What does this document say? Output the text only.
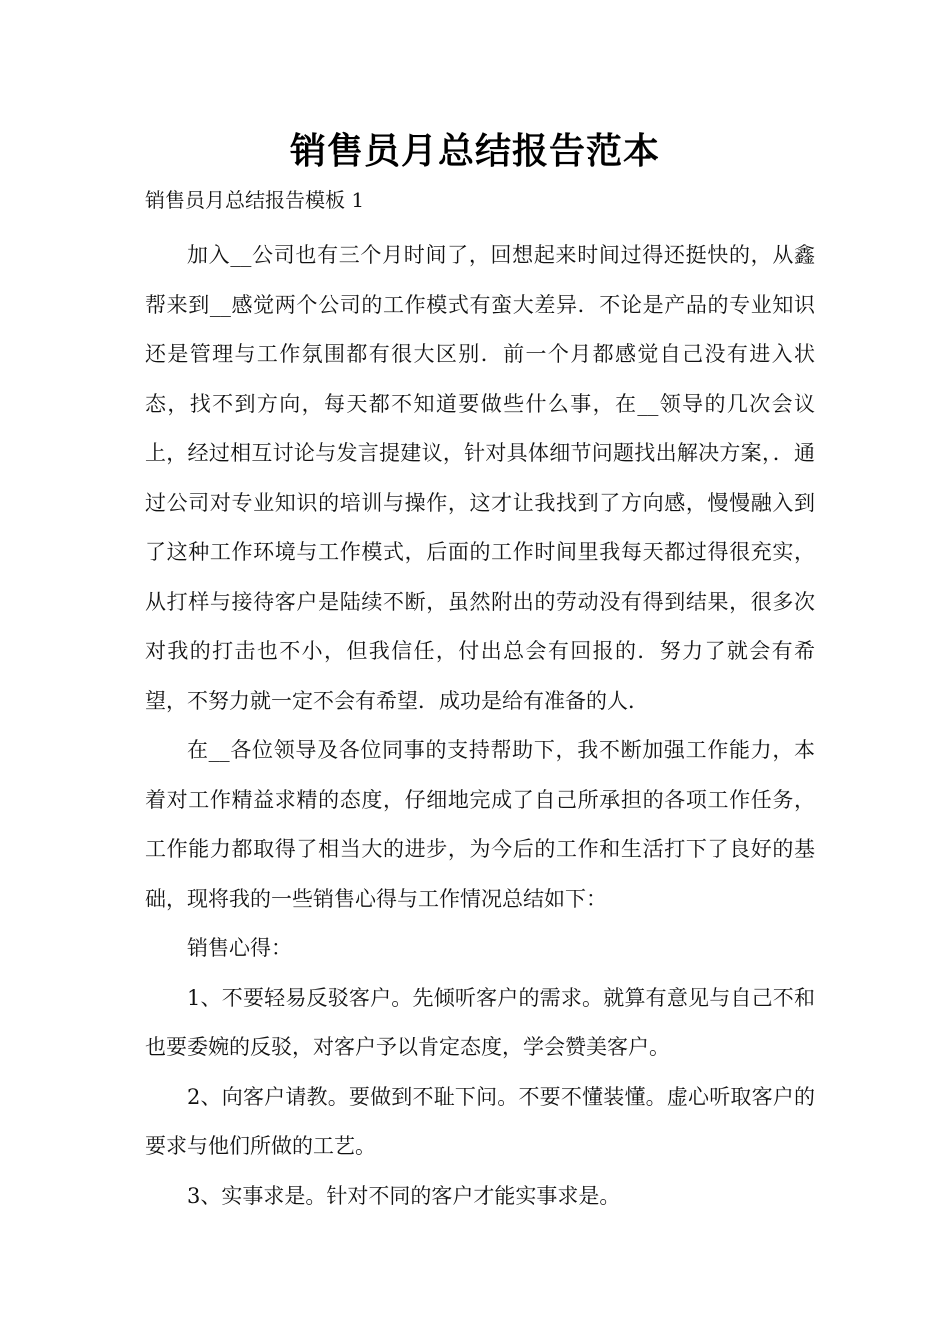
销售员月总结报告范本
销售员月总结报告模板 1

加入__公司也有三个月时间了，回想起来时间过得还挺快的，从鑫帮来到__感觉两个公司的工作模式有蛮大差异．不论是产品的专业知识还是管理与工作氛围都有很大区别．前一个月都感觉自己没有进入状态，找不到方向，每天都不知道要做些什么事，在__领导的几次会议上，经过相互讨论与发言提建议，针对具体细节问题找出解决方案，．通过公司对专业知识的培训与操作，这才让我找到了方向感，慢慢融入到了这种工作环境与工作模式，后面的工作时间里我每天都过得很充实，从打样与接待客户是陆续不断，虽然附出的劳动没有得到结果，很多次对我的打击也不小，但我信任，付出总会有回报的．努力了就会有希望，不努力就一定不会有希望．成功是给有准备的人．

在__各位领导及各位同事的支持帮助下，我不断加强工作能力，本着对工作精益求精的态度，仔细地完成了自己所承担的各项工作任务，工作能力都取得了相当大的进步，为今后的工作和生活打下了良好的基础，现将我的一些销售心得与工作情况总结如下：

销售心得：

1、不要轻易反驳客户。先倾听客户的需求。就算有意见与自己不和也要委婉的反驳，对客户予以肯定态度，学会赞美客户。

2、向客户请教。要做到不耻下问。不要不懂装懂。虚心听取客户的要求与他们所做的工艺。

3、实事求是。针对不同的客户才能实事求是。
